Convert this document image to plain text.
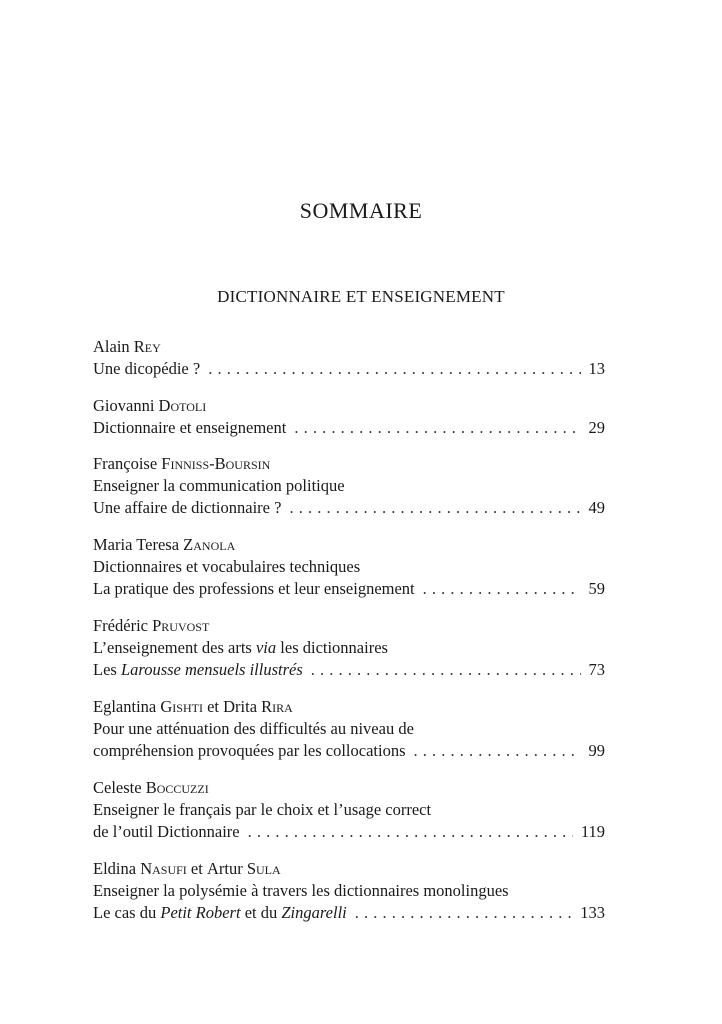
SOMMAIRE
DICTIONNAIRE ET ENSEIGNEMENT
Alain
Rey
Une dicopédie ? . . .	13
Giovanni
Dotoli
Dictionnaire et enseignement . . .	29
Françoise
Finniss-Boursin
Enseigner la communication politique
Une affaire de dictionnaire ? . . .	49
Maria Teresa
Zanola
Dictionnaires et vocabulaires techniques
La pratique des professions et leur enseignement . . .	59
Frédéric
Pruvost
L’enseignement des arts via les dictionnaires
Les Larousse mensuels illustrés . . .	73
Eglantina
Gishti et Drita
Rira
Pour une atténuation des difficultés au niveau de
compréhension provoquées par les collocations . . .	99
Celeste
Boccuzzi
Enseigner le français par le choix et l’usage correct
de l’outil Dictionnaire . . .	119
Eldina
Nasufi et Artur
Sula
Enseigner la polysémie à travers les dictionnaires monolingues
Le cas du Petit Robert et du Zingarelli . . .	133
